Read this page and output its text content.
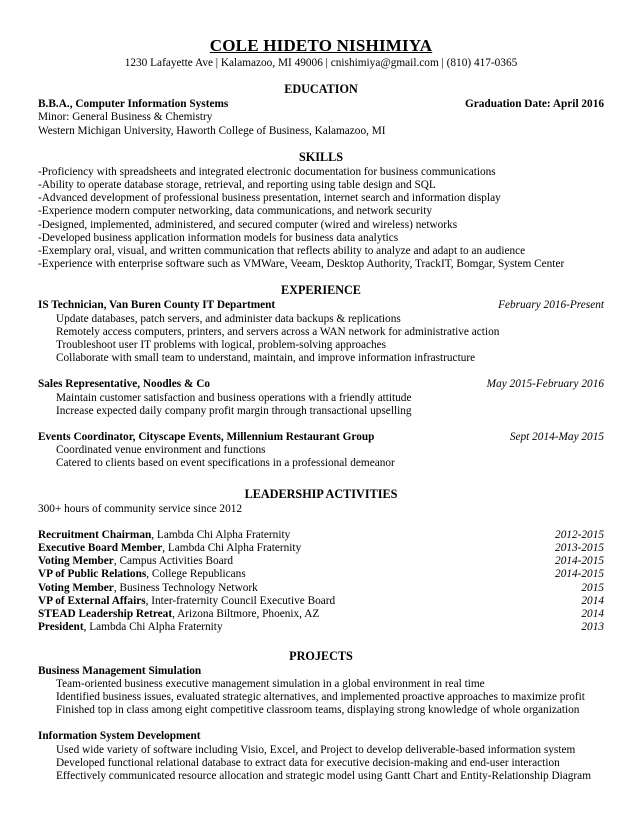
COLE HIDETO NISHIMIYA
1230 Lafayette Ave | Kalamazoo, MI 49006 | cnishimiya@gmail.com | (810) 417-0365
EDUCATION
B.B.A., Computer Information Systems	Graduation Date: April 2016
Minor: General Business & Chemistry
Western Michigan University, Haworth College of Business, Kalamazoo, MI
SKILLS
-Proficiency with spreadsheets and integrated electronic documentation for business communications
-Ability to operate database storage, retrieval, and reporting using table design and SQL
-Advanced development of professional business presentation, internet search and information display
-Experience modern computer networking, data communications, and network security
-Designed, implemented, administered, and secured computer (wired and wireless) networks
-Developed business application information models for business data analytics
-Exemplary oral, visual, and written communication that reflects ability to analyze and adapt to an audience
-Experience with enterprise software such as VMWare, Veeam, Desktop Authority, TrackIT, Bomgar, System Center
EXPERIENCE
IS Technician, Van Buren County IT Department	February 2016-Present
Update databases, patch servers, and administer data backups & replications
Remotely access computers, printers, and servers across a WAN network for administrative action
Troubleshoot user IT problems with logical, problem-solving approaches
Collaborate with small team to understand, maintain, and improve information infrastructure
Sales Representative, Noodles & Co	May 2015-February 2016
Maintain customer satisfaction and business operations with a friendly attitude
Increase expected daily company profit margin through transactional upselling
Events Coordinator, Cityscape Events, Millennium Restaurant Group	Sept 2014-May 2015
Coordinated venue environment and functions
Catered to clients based on event specifications in a professional demeanor
LEADERSHIP ACTIVITIES
300+ hours of community service since 2012
Recruitment Chairman, Lambda Chi Alpha Fraternity	2012-2015
Executive Board Member, Lambda Chi Alpha Fraternity	2013-2015
Voting Member, Campus Activities Board	2014-2015
VP of Public Relations, College Republicans	2014-2015
Voting Member, Business Technology Network	2015
VP of External Affairs, Inter-fraternity Council Executive Board	2014
STEAD Leadership Retreat, Arizona Biltmore, Phoenix, AZ	2014
President, Lambda Chi Alpha Fraternity	2013
PROJECTS
Business Management Simulation
Team-oriented business executive management simulation in a global environment in real time
Identified business issues, evaluated strategic alternatives, and implemented proactive approaches to maximize profit
Finished top in class among eight competitive classroom teams, displaying strong knowledge of whole organization
Information System Development
Used wide variety of software including Visio, Excel, and Project to develop deliverable-based information system
Developed functional relational database to extract data for executive decision-making and end-user interaction
Effectively communicated resource allocation and strategic model using Gantt Chart and Entity-Relationship Diagram
